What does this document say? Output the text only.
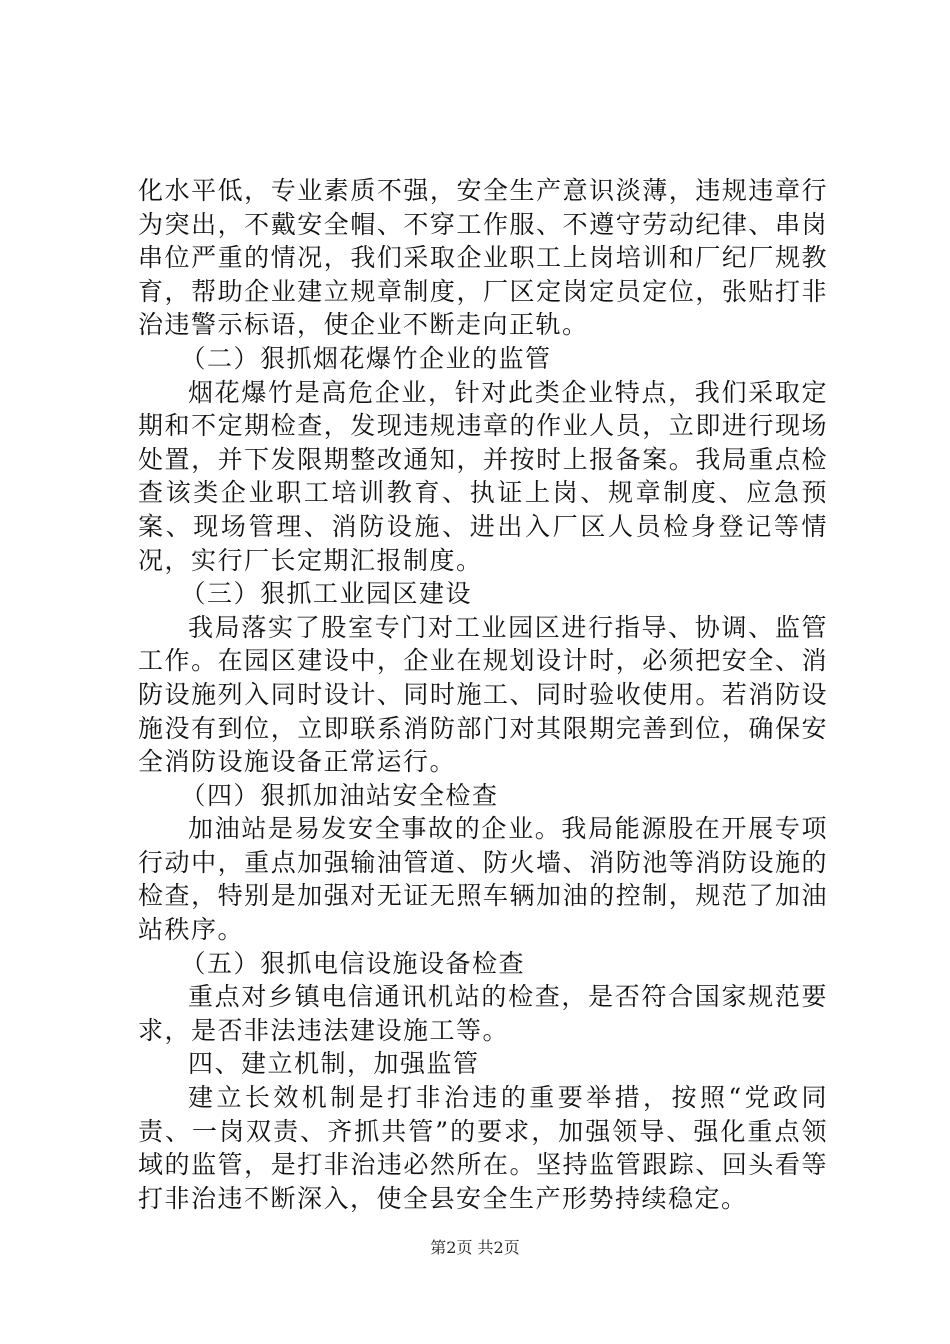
化水平低，专业素质不强，安全生产意识淡薄，违规违章行为突出，不戴安全帽、不穿工作服、不遵守劳动纪律、串岗串位严重的情况，我们采取企业职工上岗培训和厂纪厂规教育，帮助企业建立规章制度，厂区定岗定员定位，张贴打非治违警示标语，使企业不断走向正轨。

（二）狠抓烟花爆竹企业的监管

烟花爆竹是高危企业，针对此类企业特点，我们采取定期和不定期检查，发现违规违章的作业人员，立即进行现场处置，并下发限期整改通知，并按时上报备案。我局重点检查该类企业职工培训教育、执证上岗、规章制度、应急预案、现场管理、消防设施、进出入厂区人员检身登记等情况，实行厂长定期汇报制度。

（三）狠抓工业园区建设

我局落实了股室专门对工业园区进行指导、协调、监管工作。在园区建设中，企业在规划设计时，必须把安全、消防设施列入同时设计、同时施工、同时验收使用。若消防设施没有到位，立即联系消防部门对其限期完善到位，确保安全消防设施设备正常运行。

（四）狠抓加油站安全检查

加油站是易发安全事故的企业。我局能源股在开展专项行动中，重点加强输油管道、防火墙、消防池等消防设施的检查，特别是加强对无证无照车辆加油的控制，规范了加油站秩序。

（五）狠抓电信设施设备检查

重点对乡镇电信通讯机站的检查，是否符合国家规范要求，是否非法违法建设施工等。

四、建立机制，加强监管

建立长效机制是打非治违的重要举措，按照“党政同责、一岗双责、齐抓共管”的要求，加强领导、强化重点领域的监管，是打非治违必然所在。坚持监管跟踪、回头看等打非治违不断深入，使全县安全生产形势持续稳定。

第2页 共2页
